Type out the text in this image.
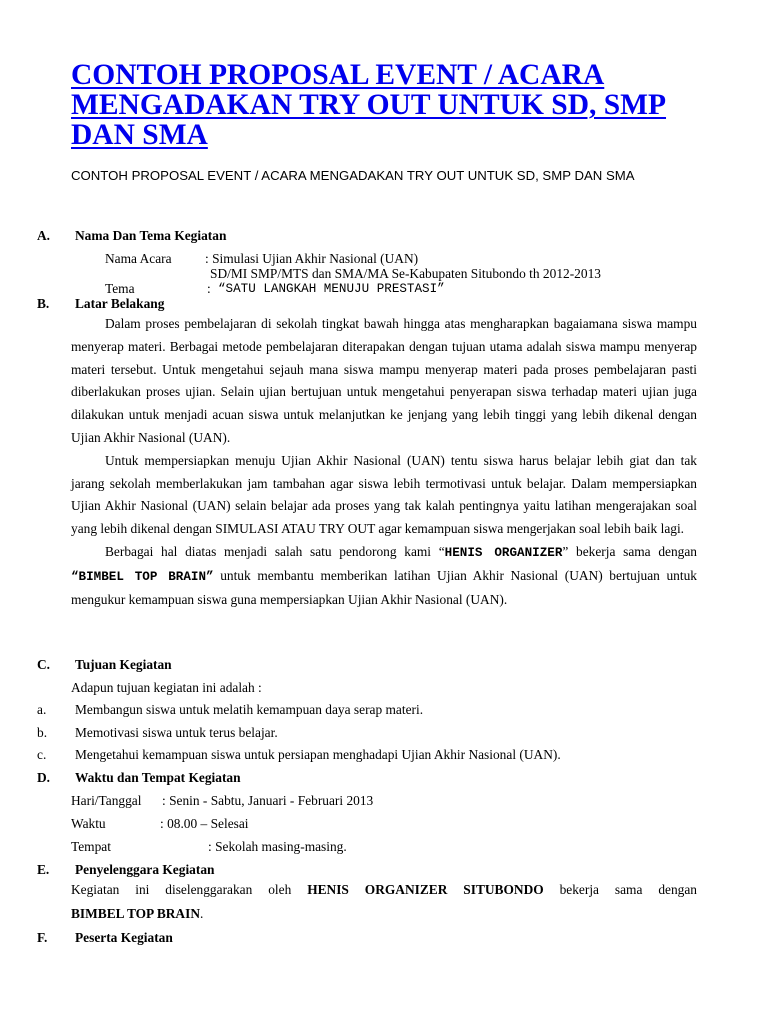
CONTOH PROPOSAL EVENT / ACARA MENGADAKAN TRY OUT UNTUK SD, SMP DAN SMA
CONTOH PROPOSAL EVENT / ACARA MENGADAKAN TRY OUT UNTUK SD, SMP DAN SMA
A. Nama Dan Tema Kegiatan
Nama Acara : Simulasi Ujian Akhir Nasional (UAN)
SD/MI SMP/MTS dan SMA/MA Se-Kabupaten Situbondo th 2012-2013
Tema	: “SATU LANGKAH MENUJU PRESTASI”
B. Latar Belakang

Dalam proses pembelajaran di sekolah tingkat bawah hingga atas mengharapkan bagaiamana siswa mampu menyerap materi. Berbagai metode pembelajaran diterapakan dengan tujuan utama adalah siswa mampu menyerap materi tersebut. Untuk mengetahui sejauh mana siswa mampu menyerap materi pada proses pembelajaran pasti diberlakukan proses ujian. Selain ujian bertujuan untuk mengetahui penyerapan siswa terhadap materi ujian juga dilakukan untuk menjadi acuan siswa untuk melanjutkan ke jenjang yang lebih tinggi yang lebih dikenal dengan Ujian Akhir Nasional (UAN).

Untuk mempersiapkan menuju Ujian Akhir Nasional (UAN) tentu siswa harus belajar lebih giat dan tak jarang sekolah memberlakukan jam tambahan agar siswa lebih termotivasi untuk belajar. Dalam mempersiapkan Ujian Akhir Nasional (UAN) selain belajar ada proses yang tak kalah pentingnya yaitu latihan mengerajakan soal yang lebih dikenal dengan SIMULASI ATAU TRY OUT agar kemampuan siswa mengerjakan soal lebih baik lagi.

Berbagai hal diatas menjadi salah satu pendorong kami “HENIS ORGANIZER” bekerja sama dengan “BIMBEL TOP BRAIN” untuk membantu memberikan latihan Ujian Akhir Nasional (UAN) bertujuan untuk mengukur kemampuan siswa guna mempersiapkan Ujian Akhir Nasional (UAN).

C. Tujuan Kegiatan
Adapun tujuan kegiatan ini adalah :
a. Membangun siswa untuk melatih kemampuan daya serap materi.
b. Memotivasi siswa untuk terus belajar.
c. Mengetahui kemampuan siswa untuk persiapan menghadapi Ujian Akhir Nasional (UAN).
D. Waktu dan Tempat Kegiatan
Hari/Tanggal : Senin - Sabtu, Januari - Februari 2013
Waktu	: 08.00 – Selesai
Tempat	: Sekolah masing-masing.
E. Penyelenggara Kegiatan
Kegiatan ini diselenggarakan oleh HENIS ORGANIZER SITUBONDO bekerja sama dengan
BIMBEL TOP BRAIN.
F. Peserta Kegiatan
